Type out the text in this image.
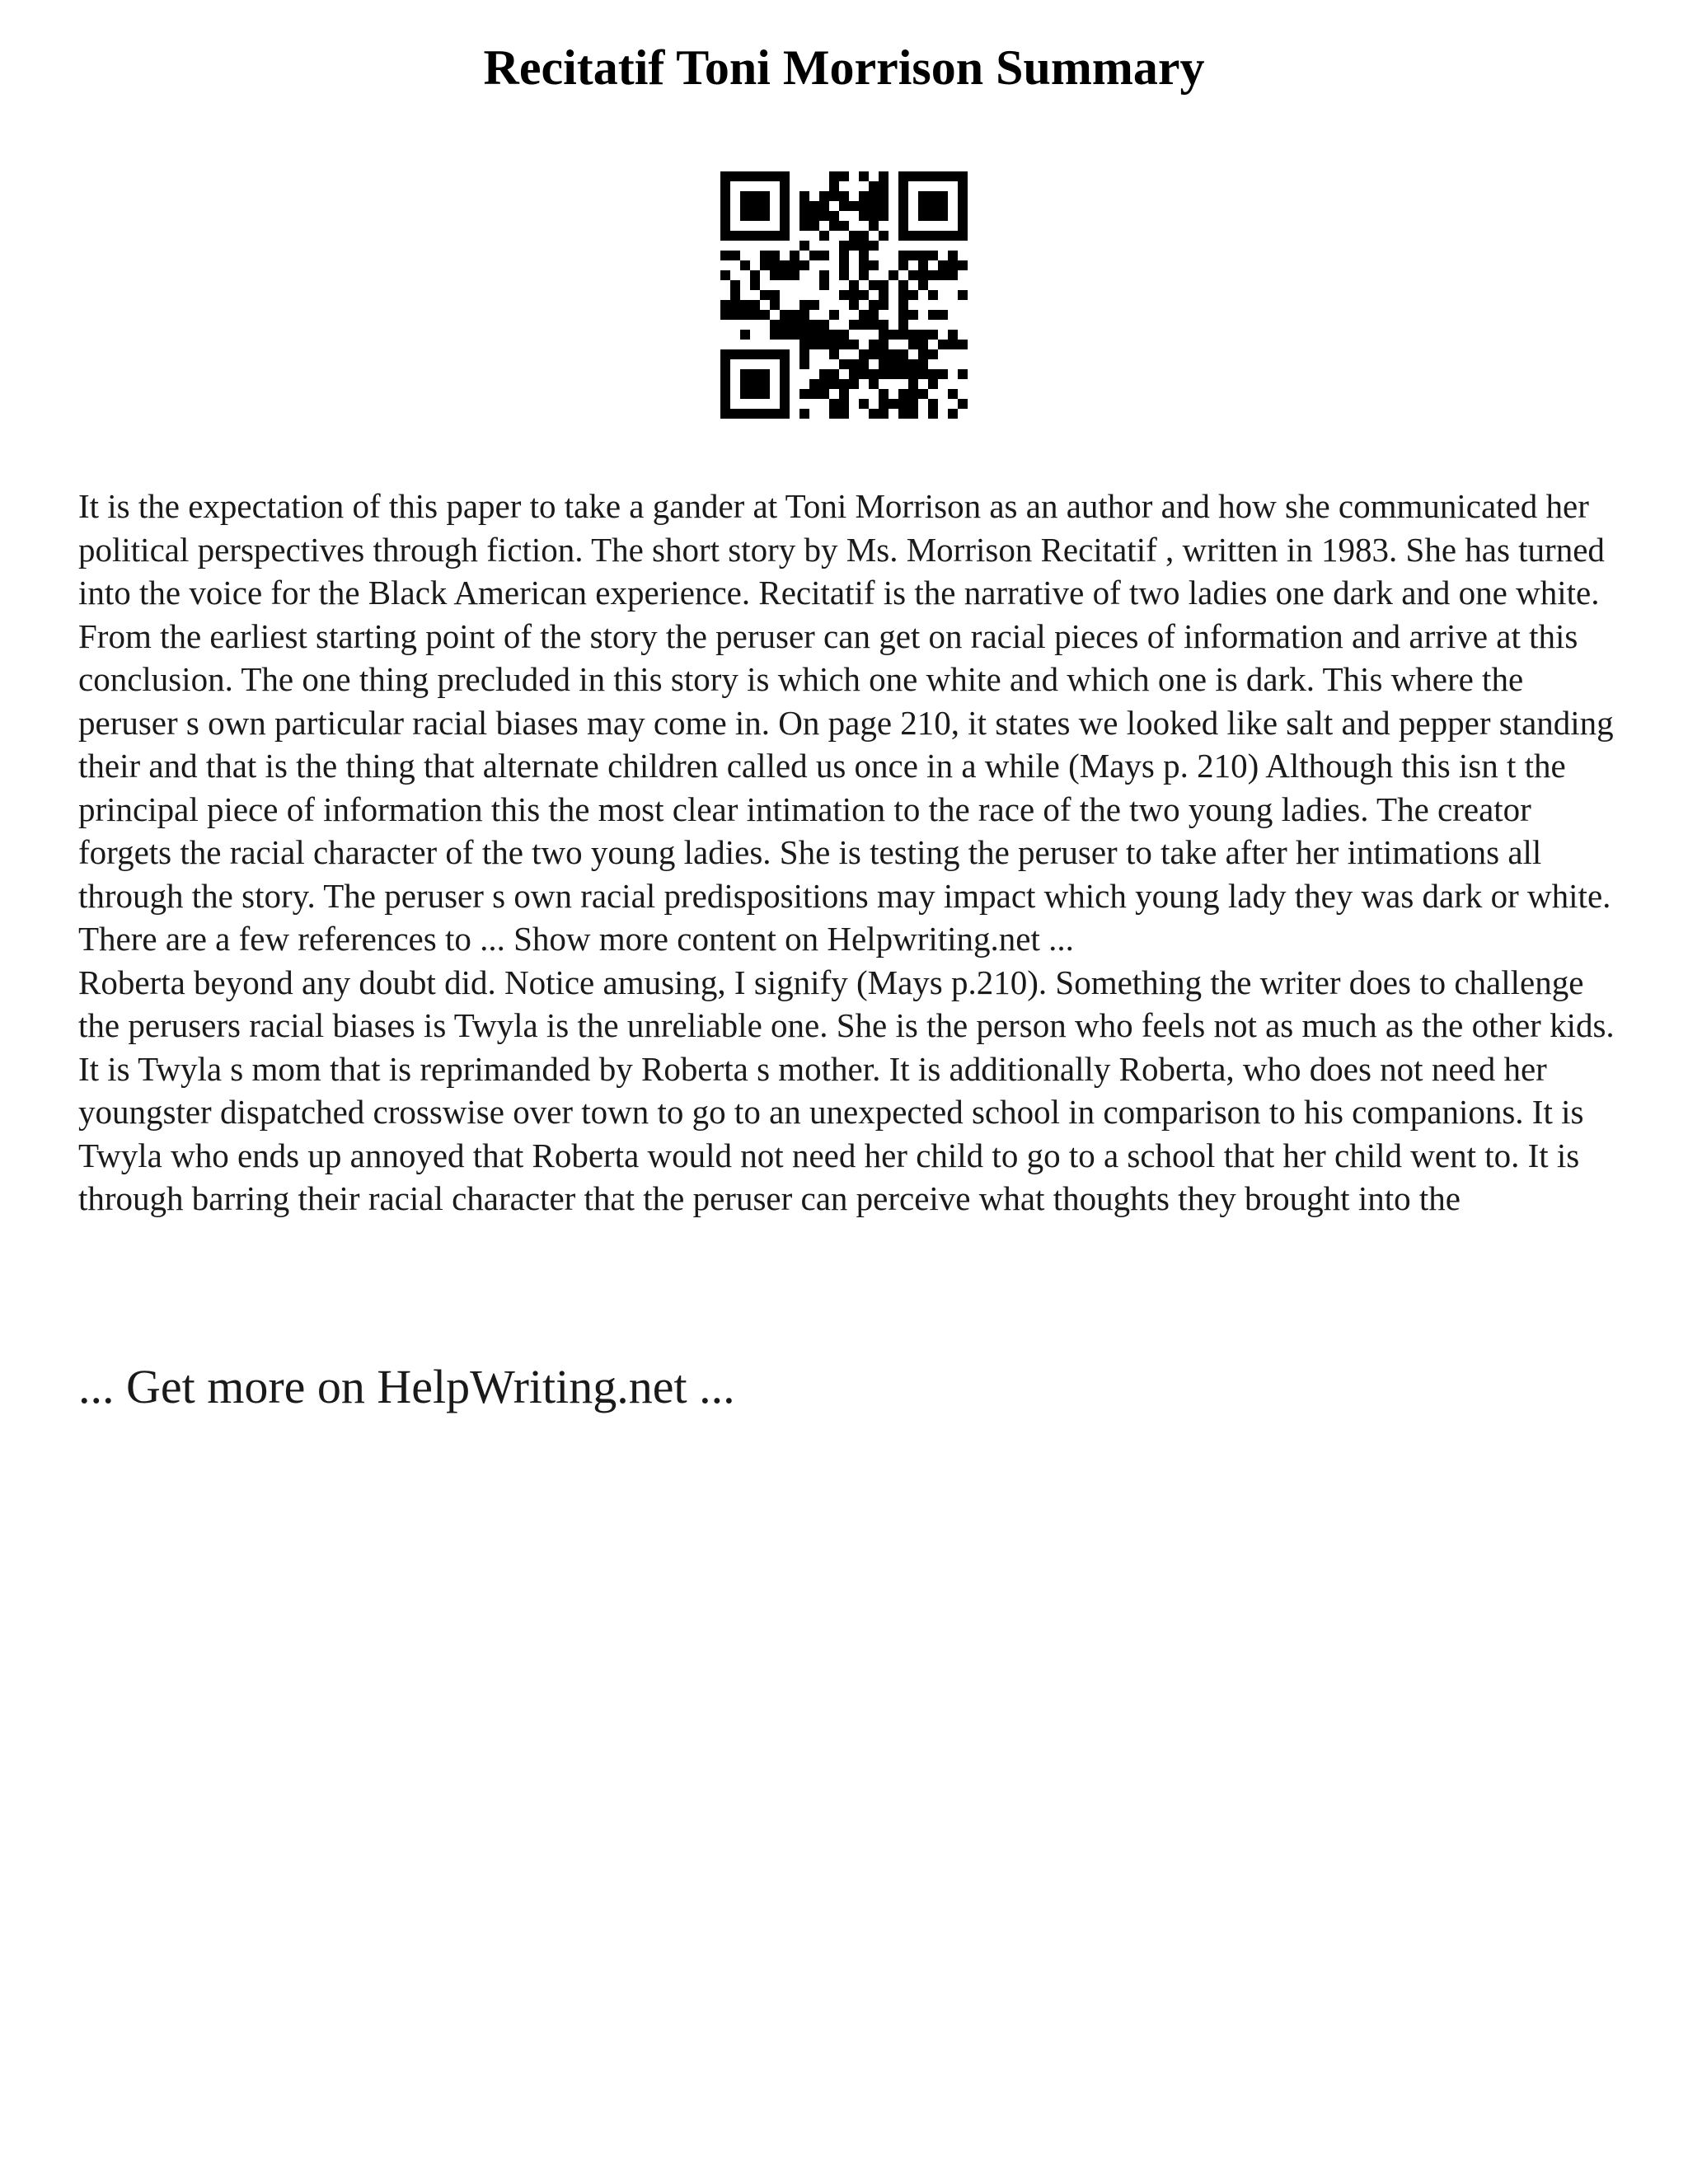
Recitatif Toni Morrison Summary

It is the expectation of this paper to take a gander at Toni Morrison as an author and how she communicated her political perspectives through fiction. The short story by Ms. Morrison Recitatif , written in 1983. She has turned into the voice for the Black American experience. Recitatif is the narrative of two ladies one dark and one white. From the earliest starting point of the story the peruser can get on racial pieces of information and arrive at this conclusion. The one thing precluded in this story is which one white and which one is dark. This where the peruser s own particular racial biases may come in. On page 210, it states we looked like salt and pepper standing their and that is the thing that alternate children called us once in a while (Mays p. 210) Although this isn t the principal piece of information this the most clear intimation to the race of the two young ladies. The creator forgets the racial character of the two young ladies. She is testing the peruser to take after her intimations all through the story. The peruser s own racial predispositions may impact which young lady they was dark or white. There are a few references to ... Show more content on Helpwriting.net ...

Roberta beyond any doubt did. Notice amusing, I signify (Mays p.210). Something the writer does to challenge the perusers racial biases is Twyla is the unreliable one. She is the person who feels not as much as the other kids. It is Twyla s mom that is reprimanded by Roberta s mother. It is additionally Roberta, who does not need her youngster dispatched crosswise over town to go to an unexpected school in comparison to his companions. It is Twyla who ends up annoyed that Roberta would not need her child to go to a school that her child went to. It is through barring their racial character that the peruser can perceive what thoughts they brought into the

... Get more on HelpWriting.net ...
